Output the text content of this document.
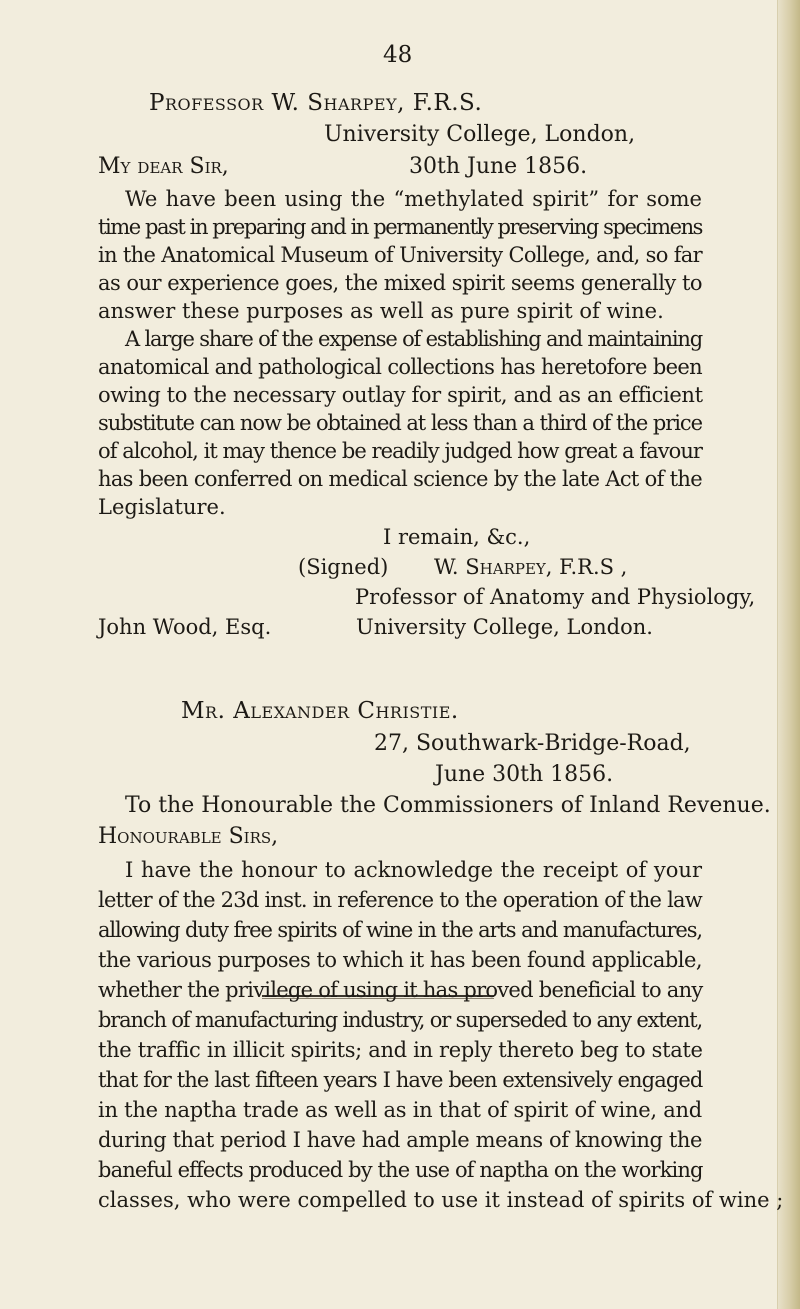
48
Professor W. Sharpey, F.R.S.
University College, London,
My dear Sir,	30th June 1856.
We have been using the “methylated spirit” for some
time past in preparing and in permanently preserving specimens
in the Anatomical Museum of University College, and, so far
as our experience goes, the mixed spirit seems generally to
answer these purposes as well as pure spirit of wine.
A large share of the expense of establishing and maintaining
anatomical and pathological collections has heretofore been
owing to the necessary outlay for spirit, and as an efficient
substitute can now be obtained at less than a third of the price
of alcohol, it may thence be readily judged how great a favour
has been conferred on medical science by the late Act of the
Legislature.
I remain, &c.,
(Signed) W. Sharpey, F.R.S ,
Professor of Anatomy and Physiology,
John Wood, Esq.	University College, London.
Mr. Alexander Christie.
27, Southwark-Bridge-Road,
June 30th 1856.
To the Honourable the Commissioners of Inland Revenue.
Honourable Sirs,
I have the honour to acknowledge the receipt of your
letter of the 23d inst. in reference to the operation of the law
allowing duty free spirits of wine in the arts and manufactures,
the various purposes to which it has been found applicable,
whether the privilege of using it has proved beneficial to any
branch of manufacturing industry, or superseded to any extent,
the traffic in illicit spirits; and in reply thereto beg to state
that for the last fifteen years I have been extensively engaged
in the naptha trade as well as in that of spirit of wine, and
during that period I have had ample means of knowing the
baneful effects produced by the use of naptha on the working
classes, who were compelled to use it instead of spirits of wine ;
